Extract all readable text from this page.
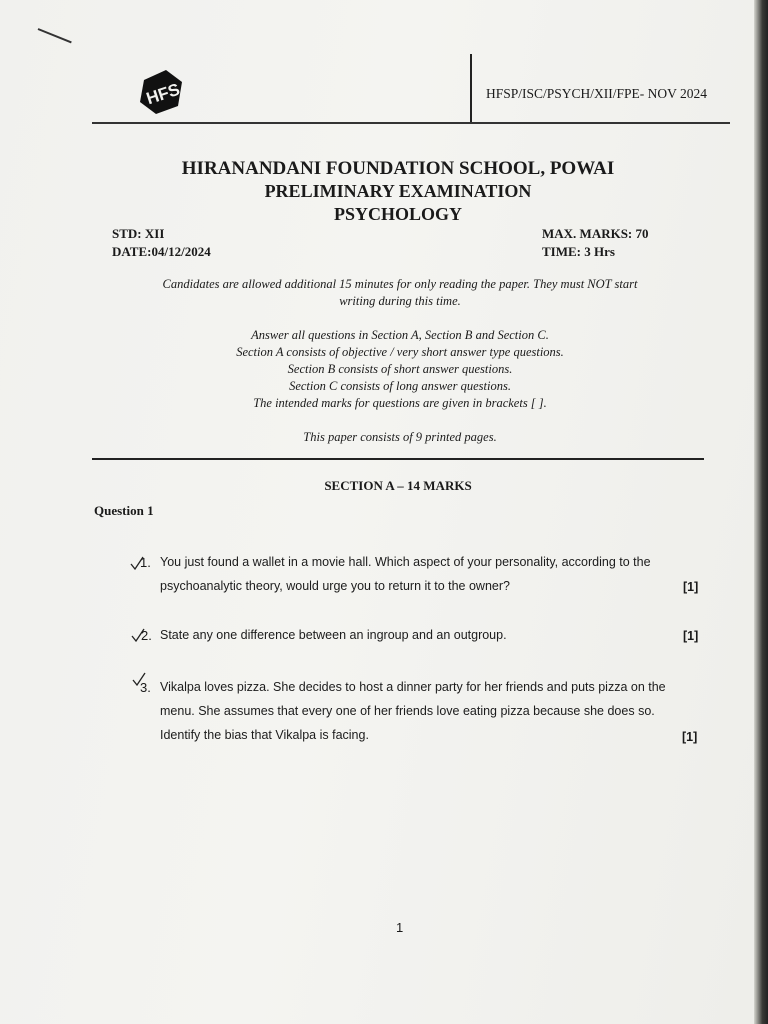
HFS	HFSP/ISC/PSYCH/XII/FPE- NOV 2024
HIRANANDANI FOUNDATION SCHOOL, POWAI
PRELIMINARY EXAMINATION
PSYCHOLOGY
STD: XII
DATE:04/12/2024
MAX. MARKS: 70
TIME: 3 Hrs
Candidates are allowed additional 15 minutes for only reading the paper. They must NOT start
writing during this time.
Answer all questions in Section A, Section B and Section C.
Section A consists of objective / very short answer type questions.
Section B consists of short answer questions.
Section C consists of long answer questions.
The intended marks for questions are given in brackets [ ].
This paper consists of 9 printed pages.
SECTION A – 14 MARKS
Question 1
1. You just found a wallet in a movie hall. Which aspect of your personality, according to the
psychoanalytic theory, would urge you to return it to the owner?	[1]
2. State any one difference between an ingroup and an outgroup.	[1]
3. Vikalpa loves pizza. She decides to host a dinner party for her friends and puts pizza on the
menu. She assumes that every one of her friends love eating pizza because she does so.
Identify the bias that Vikalpa is facing.	[1]
1
